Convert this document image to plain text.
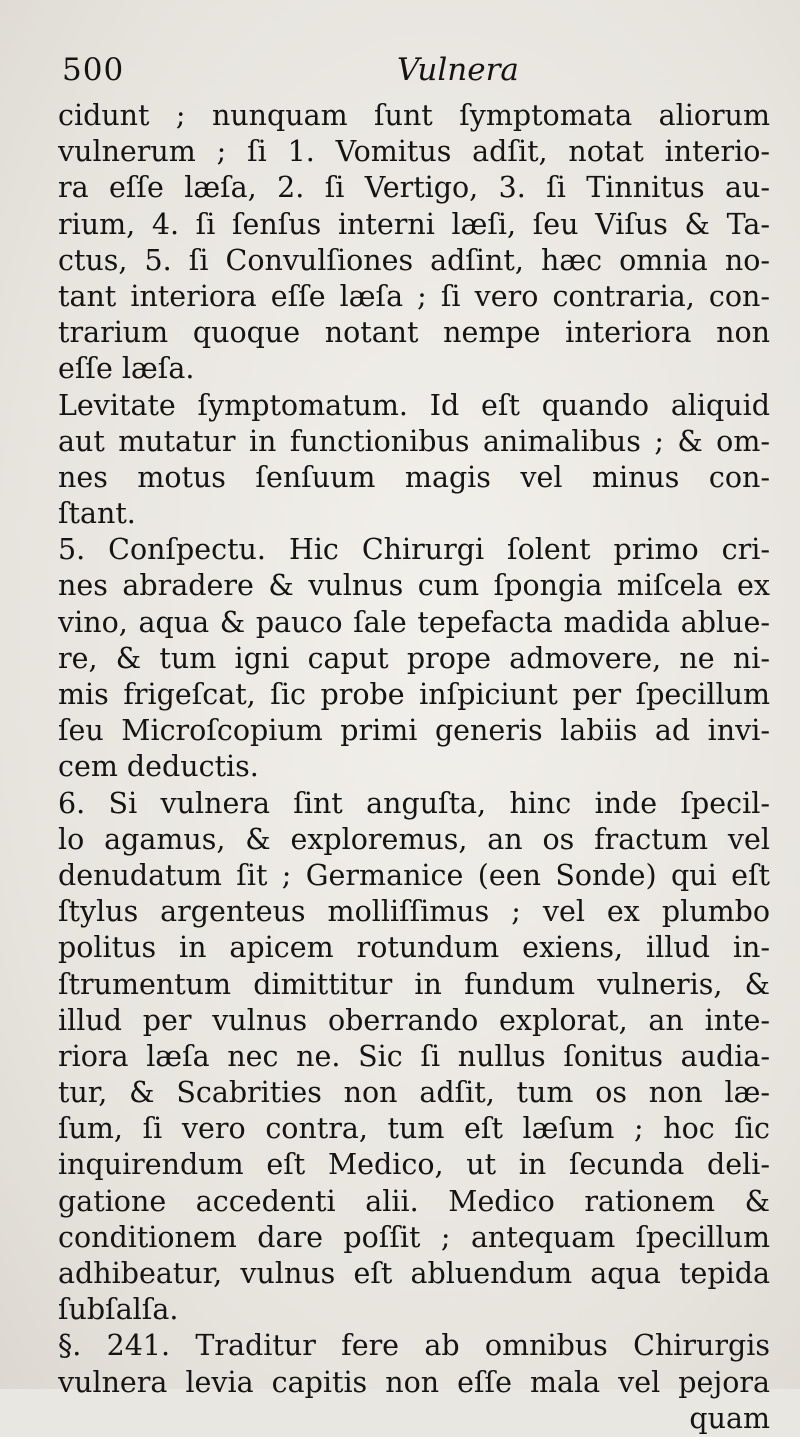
500	Vulnera
cidunt ; nunquam ſunt ſymptomata aliorum
vulnerum ; ſi 1. Vomitus adſit, notat interio-
ra eſſe læſa, 2. ſi Vertigo, 3. ſi Tinnitus au-
rium, 4. ſi ſenſus interni læſi, ſeu Viſus & Ta-
ctus, 5. ſi Convulſiones adſint, hæc omnia no-
tant interiora eſſe læſa ; ſi vero contraria, con-
trarium quoque notant nempe interiora non
eſſe læſa.
Levitate ſymptomatum. Id eſt quando aliquid
aut mutatur in functionibus animalibus ; & om-
nes motus ſenſuum magis vel minus con-
ſtant.
5. Conſpectu. Hic Chirurgi ſolent primo cri-
nes abradere & vulnus cum ſpongia miſcela ex
vino, aqua & pauco ſale tepefacta madida ablue-
re, & tum igni caput prope admovere, ne ni-
mis frigeſcat, ſic probe inſpiciunt per ſpecillum
ſeu Microſcopium primi generis labiis ad invi-
cem deductis.
6. Si vulnera ſint anguſta, hinc inde ſpecil-
lo agamus, & exploremus, an os fractum vel
denudatum ſit ; Germanice (een Sonde) qui eſt
ſtylus argenteus molliſſimus ; vel ex plumbo
politus in apicem rotundum exiens, illud in-
ſtrumentum dimittitur in fundum vulneris, &
illud per vulnus oberrando explorat, an inte-
riora læſa nec ne. Sic ſi nullus ſonitus audia-
tur, & Scabrities non adſit, tum os non læ-
ſum, ſi vero contra, tum eſt læſum ; hoc ſic
inquirendum eſt Medico, ut in ſecunda deli-
gatione accedenti alii. Medico rationem &
conditionem dare poſſit ; antequam ſpecillum
adhibeatur, vulnus eſt abluendum aqua tepida
ſubſalſa.
§. 241. Traditur fere ab omnibus Chirurgis
vulnera levia capitis non eſſe mala vel pejora
quam
